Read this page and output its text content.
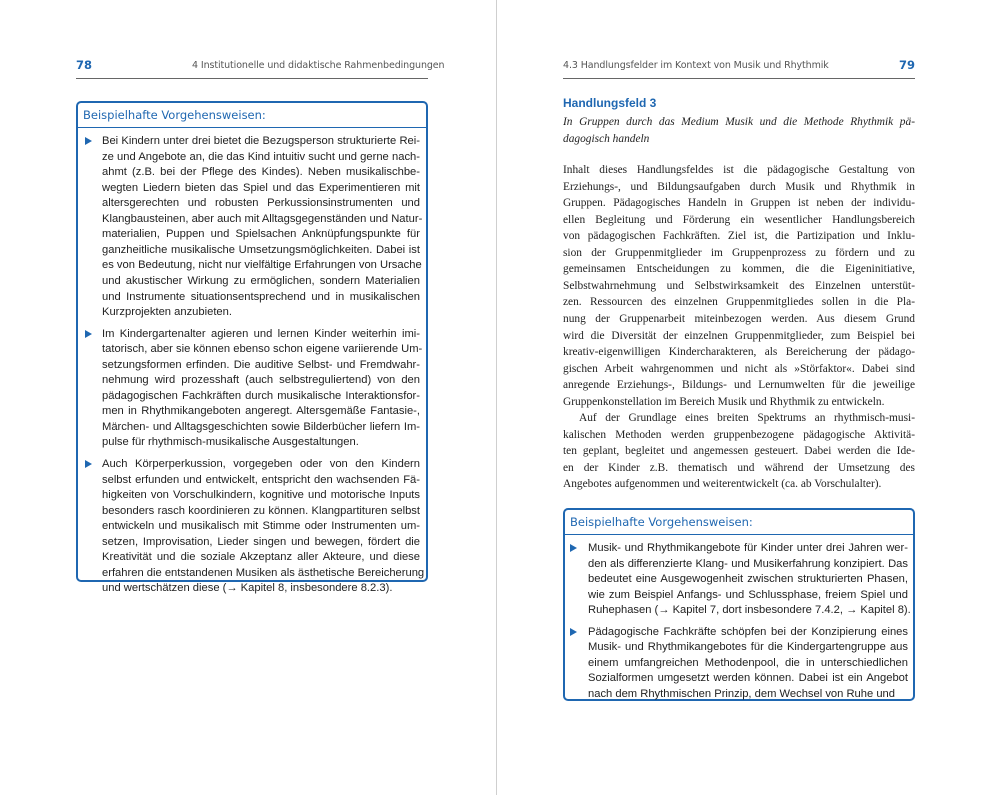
78	4 Institutionelle und didaktische Rahmenbedingungen
Beispielhafte Vorgehensweisen:
Bei Kindern unter drei bietet die Bezugsperson strukturierte Rei-
ze und Angebote an, die das Kind intuitiv sucht und gerne nach-
ahmt (z.B. bei der Pflege des Kindes). Neben musikalischbe-
wegten Liedern bieten das Spiel und das Experimentieren mit
altersgerechten und robusten Perkussionsinstrumenten und
Klangbausteinen, aber auch mit Alltagsgegenständen und Natur-
materialien, Puppen und Spielsachen Anknüpfungspunkte für
ganzheitliche musikalische Umsetzungsmöglichkeiten. Dabei ist
es von Bedeutung, nicht nur vielfältige Erfahrungen von Ursache
und akustischer Wirkung zu ermöglichen, sondern Materialien
und Instrumente situationsentsprechend und in musikalischen
Kurzprojekten anzubieten.
Im Kindergartenalter agieren und lernen Kinder weiterhin imi-
tatorisch, aber sie können ebenso schon eigene variierende Um-
setzungsformen erfinden. Die auditive Selbst- und Fremdwahr-
nehmung wird prozesshaft (auch selbstreguliertend) von den
pädagogischen Fachkräften durch musikalische Interaktionsfor-
men in Rhythmikangeboten angeregt. Altersgemäße Fantasie-,
Märchen- und Alltagsgeschichten sowie Bilderbücher liefern Im-
pulse für rhythmisch-musikalische Ausgestaltungen.
Auch Körperperkussion, vorgegeben oder von den Kindern
selbst erfunden und entwickelt, entspricht den wachsenden Fä-
higkeiten von Vorschulkindern, kognitive und motorische Inputs
besonders rasch koordinieren zu können. Klangpartituren selbst
entwickeln und musikalisch mit Stimme oder Instrumenten um-
setzen, Improvisation, Lieder singen und bewegen, fördert die
Kreativität und die soziale Akzeptanz aller Akteure, und diese
erfahren die entstandenen Musiken als ästhetische Bereicherung
und wertschätzen diese (→ Kapitel 8, insbesondere 8.2.3).
4.3 Handlungsfelder im Kontext von Musik und Rhythmik	79
Handlungsfeld 3
In Gruppen durch das Medium Musik und die Methode Rhythmik pä-
dagogisch handeln
Inhalt dieses Handlungsfeldes ist die pädagogische Gestaltung von
Erziehungs-, und Bildungsaufgaben durch Musik und Rhythmik in
Gruppen. Pädagogisches Handeln in Gruppen ist neben der individu-
ellen Begleitung und Förderung ein wesentlicher Handlungsbereich
von pädagogischen Fachkräften. Ziel ist, die Partizipation und Inklu-
sion der Gruppenmitglieder im Gruppenprozess zu fördern und zu
gemeinsamen Entscheidungen zu kommen, die die Eigeninitiative,
Selbstwahrnehmung und Selbstwirksamkeit des Einzelnen unterstüt-
zen. Ressourcen des einzelnen Gruppenmitgliedes sollen in die Pla-
nung der Gruppenarbeit miteinbezogen werden. Aus diesem Grund
wird die Diversität der einzelnen Gruppenmitglieder, zum Beispiel bei
kreativ-eigenwilligen Kindercharakteren, als Bereicherung der pädago-
gischen Arbeit wahrgenommen und nicht als »Störfaktor«. Dabei sind
anregende Erziehungs-, Bildungs- und Lernumwelten für die jeweilige
Gruppenkonstellation im Bereich Musik und Rhythmik zu entwickeln.
Auf der Grundlage eines breiten Spektrums an rhythmisch-musi-
kalischen Methoden werden gruppenbezogene pädagogische Aktivitä-
ten geplant, begleitet und angemessen gesteuert. Dabei werden die Ide-
en der Kinder z.B. thematisch und während der Umsetzung des
Angebotes aufgenommen und weiterentwickelt (ca. ab Vorschulalter).
Beispielhafte Vorgehensweisen:
Musik- und Rhythmikangebote für Kinder unter drei Jahren wer-
den als differenzierte Klang- und Musikerfahrung konzipiert. Das
bedeutet eine Ausgewogenheit zwischen strukturierten Phasen,
wie zum Beispiel Anfangs- und Schlussphase, freiem Spiel und
Ruhephasen (→ Kapitel 7, dort insbesondere 7.4.2, → Kapitel 8).
Pädagogische Fachkräfte schöpfen bei der Konzipierung eines
Musik- und Rhythmikangebotes für die Kindergartengruppe aus
einem umfangreichen Methodenpool, die in unterschiedlichen
Sozialformen umgesetzt werden können. Dabei ist ein Angebot
nach dem Rhythmischen Prinzip, dem Wechsel von Ruhe und
